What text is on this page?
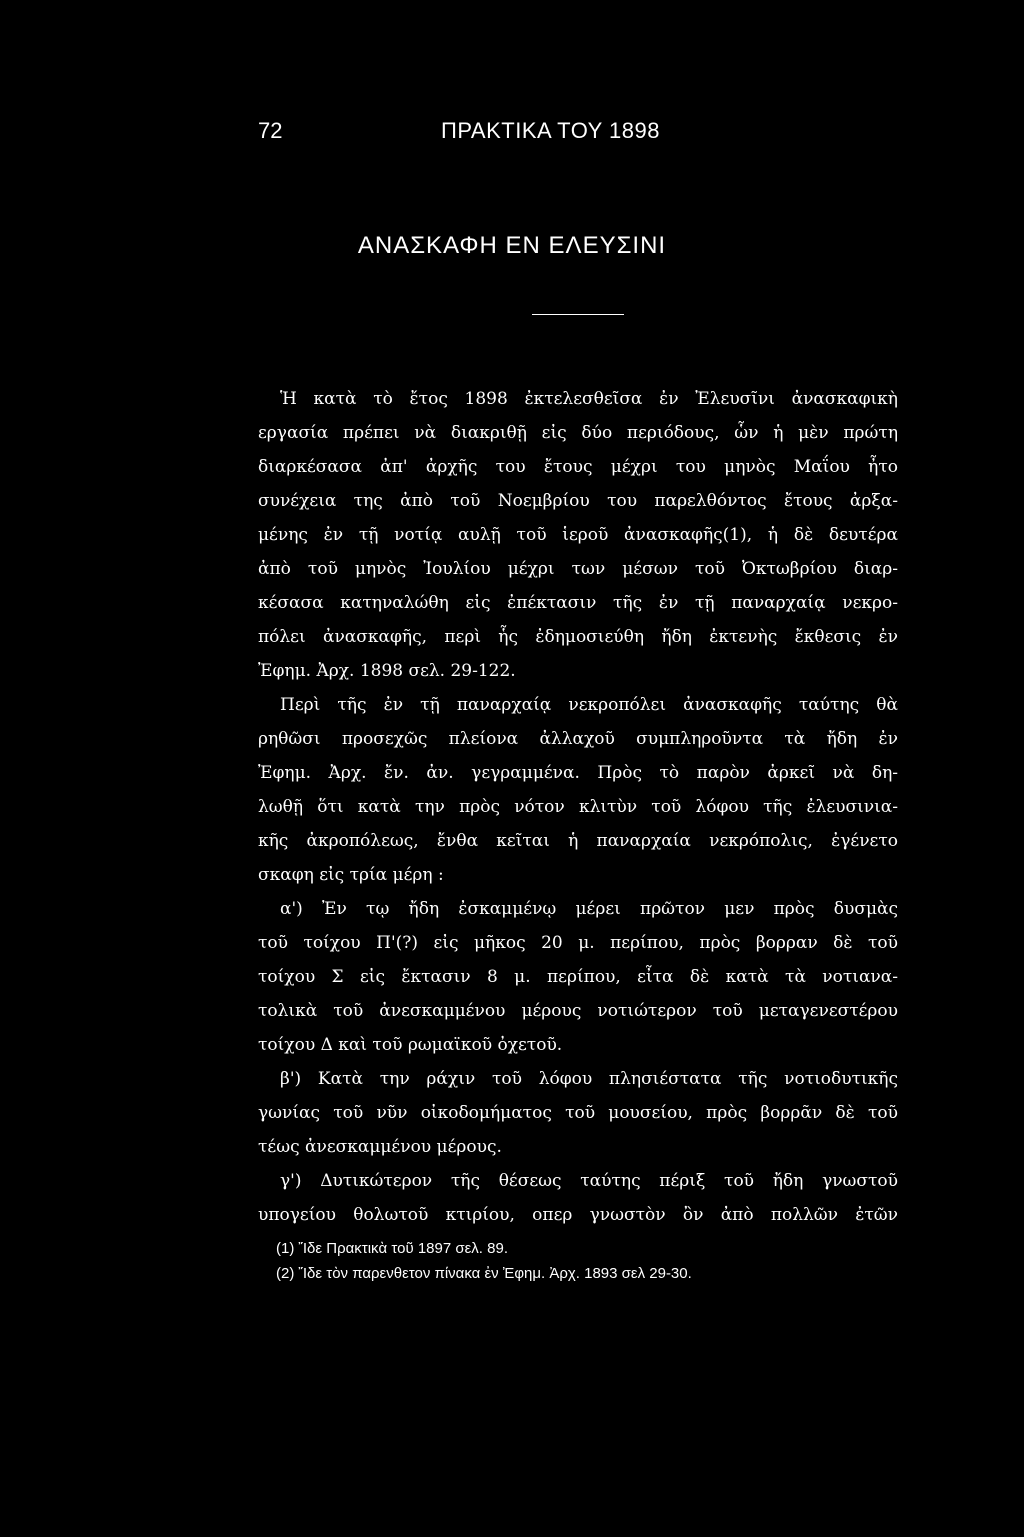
72	ΠΡΑΚΤΙΚΑ ΤΟΥ 1898
ΑΝΑΣΚΑΦΗ ΕΝ ΕΛΕΥΣΙΝΙ
Ἡ κατὰ τὸ ἔτος 1898 ἐκτελεσθεῖσα ἐν Ἐλευσῖνι ἀνασκαφικὴ
εργασία πρέπει νὰ διακριθῇ εἰς δύο περιόδους, ὧν ἡ μὲν πρώτη
διαρκέσασα ἀπ' ἀρχῆς του ἔτους μέχρι του μηνὸς Μαΐου ἦτο
συνέχεια της ἀπὸ τοῦ Νοεμβρίου του παρελθόντος ἔτους ἀρξα-
μένης ἐν τῇ νοτίᾳ αυλῇ τοῦ ἱεροῦ ἀνασκαφῆς(1), ἡ δὲ δευτέρα
ἀπὸ τοῦ μηνὸς Ἰουλίου μέχρι των μέσων τοῦ Ὀκτωβρίου διαρ-
κέσασα κατηναλώθη εἰς ἐπέκτασιν τῆς ἐν τῇ παναρχαίᾳ νεκρο-
πόλει ἀνασκαφῆς, περὶ ἧς ἐδημοσιεύθη ἤδη ἐκτενὴς ἔκθεσις ἐν
Ἐφημ. Ἀρχ. 1898 σελ. 29-122.
Περὶ τῆς ἐν τῇ παναρχαίᾳ νεκροπόλει ἀνασκαφῆς ταύτης θὰ
ρηθῶσι προσεχῶς πλείονα ἀλλαχοῦ συμπληροῦντα τὰ ἤδη ἐν
Ἐφημ. Ἀρχ. ἔν. ἀν. γεγραμμένα. Πρὸς τὸ παρὸν ἀρκεῖ νὰ δη-
λωθῇ ὅτι κατὰ την πρὸς νότον κλιτὺν τοῦ λόφου τῆς ἐλευσινια-
κῆς ἀκροπόλεως, ἔνθα κεῖται ἡ παναρχαία νεκρόπολις, ἐγένετο
σκαφη εἰς τρία μέρη :
α') Ἐν τῳ ἤδη ἐσκαμμένῳ μέρει πρῶτον μεν πρὸς δυσμὰς
τοῦ τοίχου Π'(?) εἰς μῆκος 20 μ. περίπου, πρὸς βορραν δὲ τοῦ
τοίχου Σ εἰς ἔκτασιν 8 μ. περίπου, εἶτα δὲ κατὰ τὰ νοτιανα-
τολικὰ τοῦ ἀνεσκαμμένου μέρους νοτιώτερον τοῦ μεταγενεστέρου
τοίχου Δ καὶ τοῦ ρωμαϊκοῦ ὀχετοῦ.
β') Κατὰ την ράχιν τοῦ λόφου πλησιέστατα τῆς νοτιοδυτικῆς
γωνίας τοῦ νῦν οἰκοδομήματος τοῦ μουσείου, πρὸς βορρᾶν δὲ τοῦ
τέως ἀνεσκαμμένου μέρους.
γ') Δυτικώτερον τῆς θέσεως ταύτης πέριξ τοῦ ἤδη γνωστοῦ
υπογείου θολωτοῦ κτιρίου, οπερ γνωστὸν ὂν ἀπὸ πολλῶν ἐτῶν
(1) Ἴδε Πρακτικὰ τοῦ 1897 σελ. 89.
(2) Ἴδε τὸν παρενθετον πίνακα ἐν Ἐφημ. Ἀρχ. 1893 σελ 29-30.
